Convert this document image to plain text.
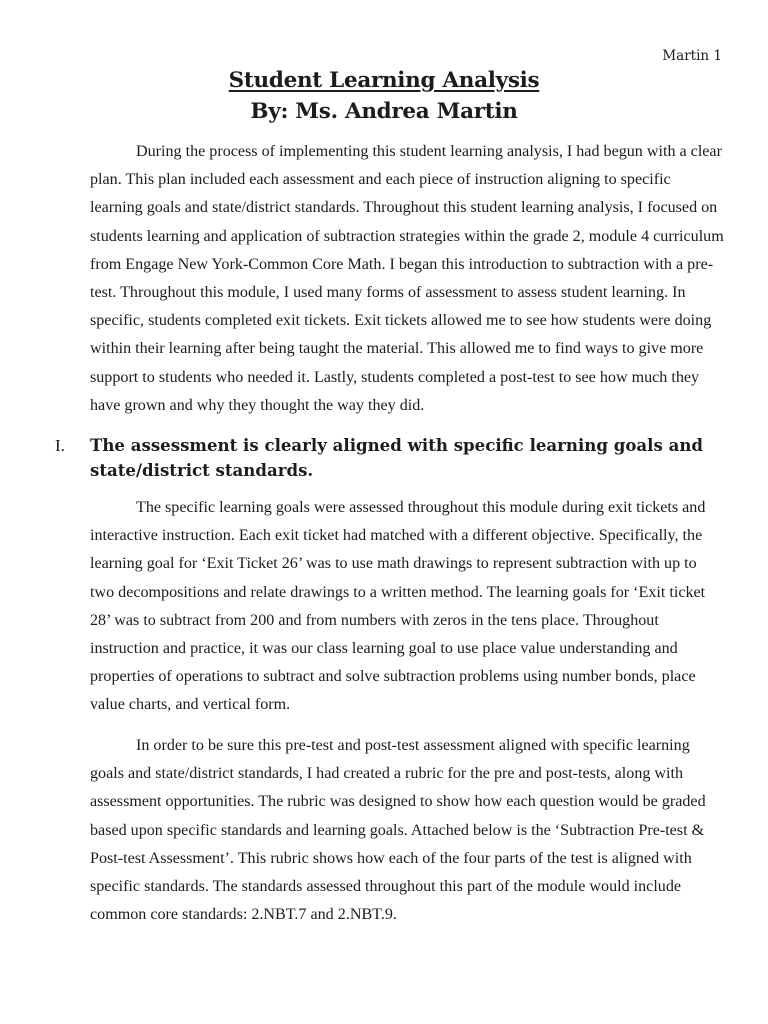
Martin 1
Student Learning Analysis
By: Ms. Andrea Martin

During the process of implementing this student learning analysis, I had begun with a clear plan. This plan included each assessment and each piece of instruction aligning to specific learning goals and state/district standards. Throughout this student learning analysis, I focused on students learning and application of subtraction strategies within the grade 2, module 4 curriculum from Engage New York-Common Core Math. I began this introduction to subtraction with a pre-test. Throughout this module, I used many forms of assessment to assess student learning. In specific, students completed exit tickets. Exit tickets allowed me to see how students were doing within their learning after being taught the material. This allowed me to find ways to give more support to students who needed it. Lastly, students completed a post-test to see how much they have grown and why they thought the way they did.

I. The assessment is clearly aligned with specific learning goals and state/district standards.

The specific learning goals were assessed throughout this module during exit tickets and interactive instruction. Each exit ticket had matched with a different objective. Specifically, the learning goal for ‘Exit Ticket 26’ was to use math drawings to represent subtraction with up to two decompositions and relate drawings to a written method. The learning goals for ‘Exit ticket 28’ was to subtract from 200 and from numbers with zeros in the tens place. Throughout instruction and practice, it was our class learning goal to use place value understanding and properties of operations to subtract and solve subtraction problems using number bonds, place value charts, and vertical form.

In order to be sure this pre-test and post-test assessment aligned with specific learning goals and state/district standards, I had created a rubric for the pre and post-tests, along with assessment opportunities. The rubric was designed to show how each question would be graded based upon specific standards and learning goals. Attached below is the ‘Subtraction Pre-test & Post-test Assessment’. This rubric shows how each of the four parts of the test is aligned with specific standards. The standards assessed throughout this part of the module would include common core standards: 2.NBT.7 and 2.NBT.9.
